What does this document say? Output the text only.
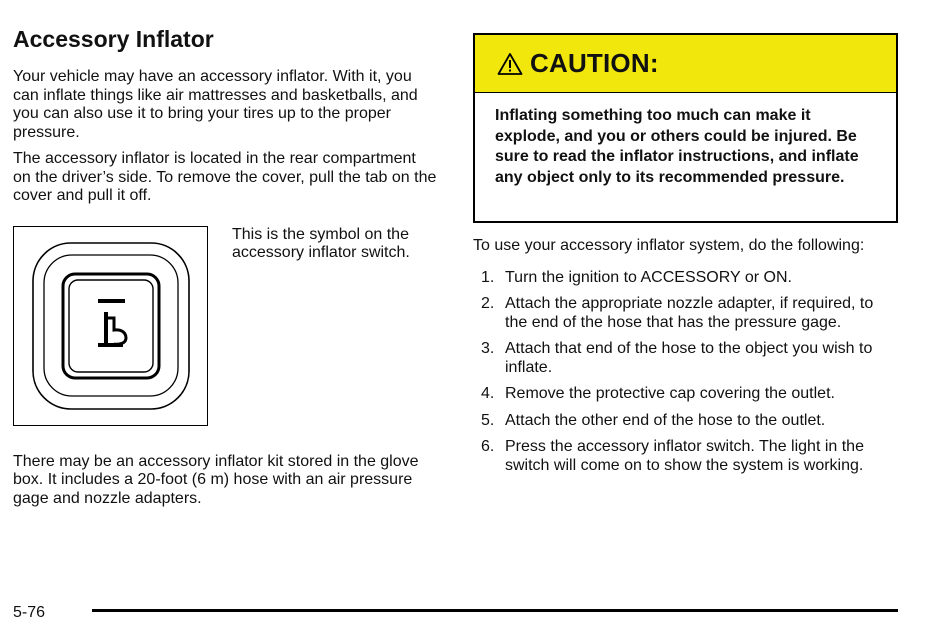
Accessory Inflator

Your vehicle may have an accessory inflator. With it, you can inflate things like air mattresses and basketballs, and you can also use it to bring your tires up to the proper pressure.

The accessory inflator is located in the rear compartment on the driver’s side. To remove the cover, pull the tab on the cover and pull it off.

This is the symbol on the accessory inflator switch.

There may be an accessory inflator kit stored in the glove box. It includes a 20-foot (6 m) hose with an air pressure gage and nozzle adapters.

CAUTION:
Inflating something too much can make it explode, and you or others could be injured. Be sure to read the inflator instructions, and inflate any object only to its recommended pressure.

To use your accessory inflator system, do the following:

1. Turn the ignition to ACCESSORY or ON.
2. Attach the appropriate nozzle adapter, if required, to the end of the hose that has the pressure gage.
3. Attach that end of the hose to the object you wish to inflate.
4. Remove the protective cap covering the outlet.
5. Attach the other end of the hose to the outlet.
6. Press the accessory inflator switch. The light in the switch will come on to show the system is working.
5-76
